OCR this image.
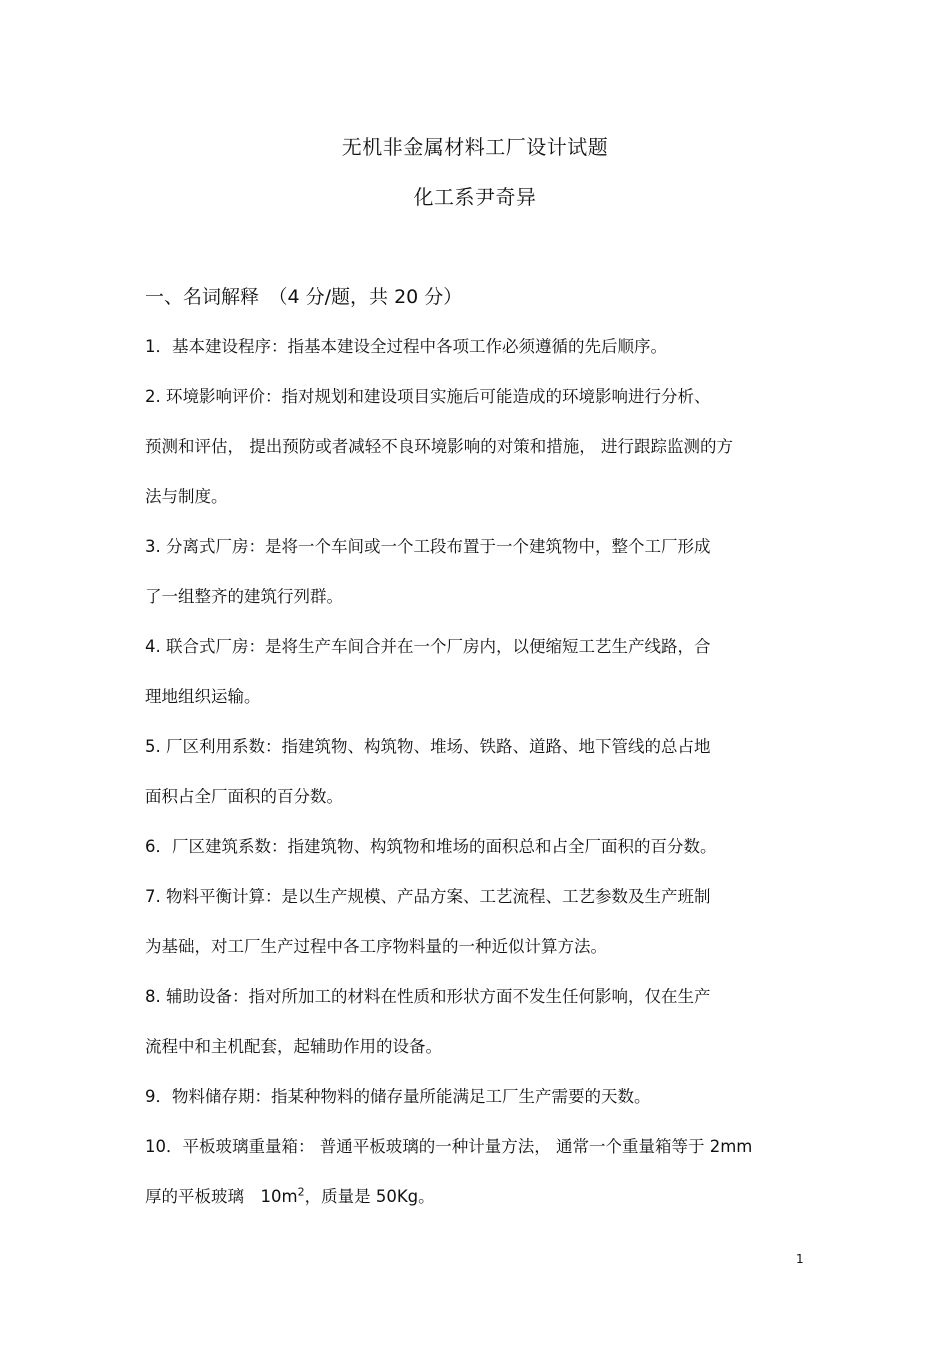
无机非金属材料工厂设计试题
化工系尹奇异
一、名词解释　（4 分/题，共 20 分）
1．基本建设程序：指基本建设全过程中各项工作必须遵循的先后顺序。
2. 环境影响评价：指对规划和建设项目实施后可能造成的环境影响进行分析、
预测和评估， 提出预防或者减轻不良环境影响的对策和措施， 进行跟踪监测的方
法与制度。
3. 分离式厂房：是将一个车间或一个工段布置于一个建筑物中，整个工厂形成
了一组整齐的建筑行列群。
4. 联合式厂房：是将生产车间合并在一个厂房内，以便缩短工艺生产线路，合
理地组织运输。
5. 厂区利用系数：指建筑物、构筑物、堆场、铁路、道路、地下管线的总占地
面积占全厂面积的百分数。
6．厂区建筑系数：指建筑物、构筑物和堆场的面积总和占全厂面积的百分数。
7. 物料平衡计算：是以生产规模、产品方案、工艺流程、工艺参数及生产班制
为基础，对工厂生产过程中各工序物料量的一种近似计算方法。
8. 辅助设备：指对所加工的材料在性质和形状方面不发生任何影响，仅在生产
流程中和主机配套，起辅助作用的设备。
9．物料储存期：指某种物料的储存量所能满足工厂生产需要的天数。
10．平板玻璃重量箱： 普通平板玻璃的一种计量方法， 通常一个重量箱等于 2mm
厚的平板玻璃　$10m^2$，质量是 50Kg。
1
